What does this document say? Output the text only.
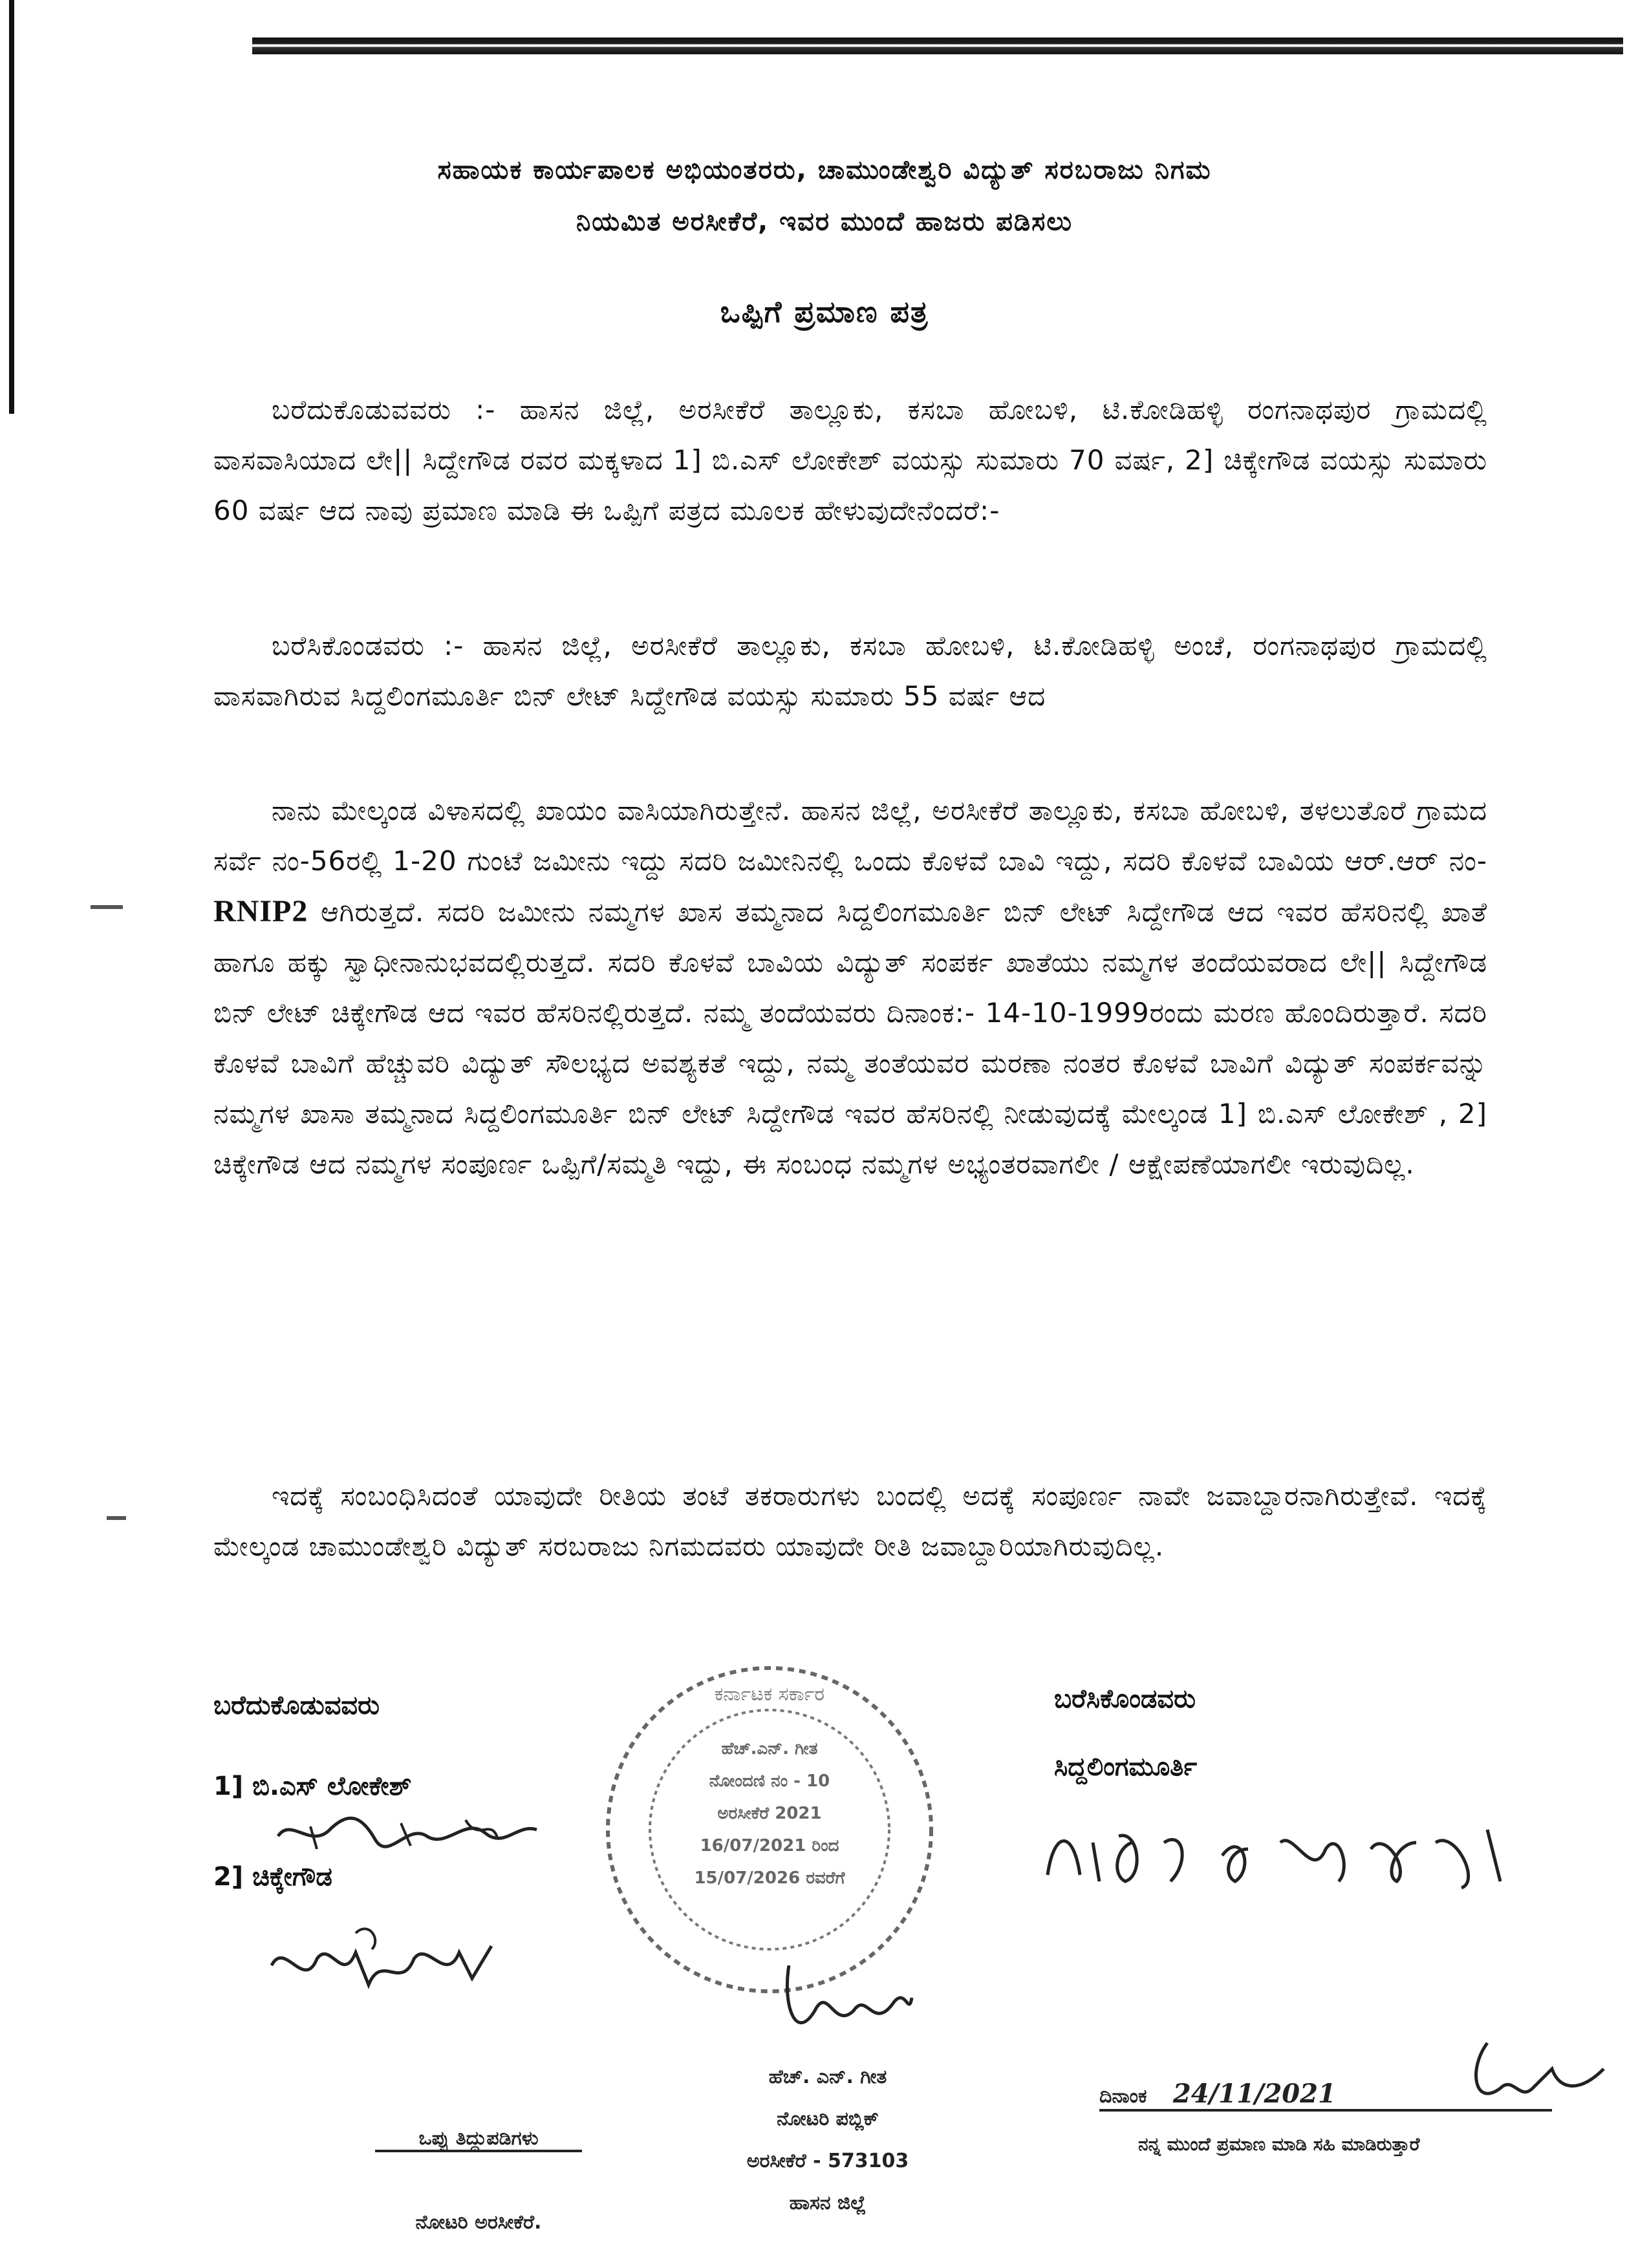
ಸಹಾಯಕ ಕಾರ್ಯಪಾಲಕ ಅಭಿಯಂತರರು, ಚಾಮುಂಡೇಶ್ವರಿ ವಿದ್ಯುತ್ ಸರಬರಾಜು ನಿಗಮ
ನಿಯಮಿತ ಅರಸೀಕೆರೆ, ಇವರ ಮುಂದೆ ಹಾಜರು ಪಡಿಸಲು
ಒಪ್ಪಿಗೆ ಪ್ರಮಾಣ ಪತ್ರ

ಬರೆದುಕೊಡುವವರು :- ಹಾಸನ ಜಿಲ್ಲೆ, ಅರಸೀಕೆರೆ ತಾಲ್ಲೂಕು, ಕಸಬಾ ಹೋಬಳಿ, ಟಿ.ಕೋಡಿಹಳ್ಳಿ ರಂಗನಾಥಪುರ ಗ್ರಾಮದಲ್ಲಿ ವಾಸವಾಸಿಯಾದ ಲೇ|| ಸಿದ್ದೇಗೌಡ ರವರ ಮಕ್ಕಳಾದ 1] ಬಿ.ಎಸ್ ಲೋಕೇಶ್ ವಯಸ್ಸು ಸುಮಾರು 70 ವರ್ಷ, 2] ಚಿಕ್ಕೇಗೌಡ ವಯಸ್ಸು ಸುಮಾರು 60 ವರ್ಷ ಆದ ನಾವು ಪ್ರಮಾಣ ಮಾಡಿ ಈ ಒಪ್ಪಿಗೆ ಪತ್ರದ ಮೂಲಕ ಹೇಳುವುದೇನೆಂದರೆ:-

ಬರೆಸಿಕೊಂಡವರು :- ಹಾಸನ ಜಿಲ್ಲೆ, ಅರಸೀಕೆರೆ ತಾಲ್ಲೂಕು, ಕಸಬಾ ಹೋಬಳಿ, ಟಿ.ಕೋಡಿಹಳ್ಳಿ ಅಂಚೆ, ರಂಗನಾಥಪುರ ಗ್ರಾಮದಲ್ಲಿ ವಾಸವಾಗಿರುವ ಸಿದ್ದಲಿಂಗಮೂರ್ತಿ ಬಿನ್ ಲೇಟ್ ಸಿದ್ದೇಗೌಡ ವಯಸ್ಸು ಸುಮಾರು 55 ವರ್ಷ ಆದ

ನಾನು ಮೇಲ್ಕಂಡ ವಿಳಾಸದಲ್ಲಿ ಖಾಯಂ ವಾಸಿಯಾಗಿರುತ್ತೇನೆ. ಹಾಸನ ಜಿಲ್ಲೆ, ಅರಸೀಕೆರೆ ತಾಲ್ಲೂಕು, ಕಸಬಾ ಹೋಬಳಿ, ತಳಲುತೊರೆ ಗ್ರಾಮದ ಸರ್ವೆ ನಂ-56ರಲ್ಲಿ 1-20 ಗುಂಟೆ ಜಮೀನು ಇದ್ದು ಸದರಿ ಜಮೀನಿನಲ್ಲಿ ಒಂದು ಕೊಳವೆ ಬಾವಿ ಇದ್ದು, ಸದರಿ ಕೊಳವೆ ಬಾವಿಯ ಆರ್.ಆರ್ ನಂ- RNIP2 ಆಗಿರುತ್ತದೆ. ಸದರಿ ಜಮೀನು ನಮ್ಮಗಳ ಖಾಸ ತಮ್ಮನಾದ ಸಿದ್ದಲಿಂಗಮೂರ್ತಿ ಬಿನ್ ಲೇಟ್ ಸಿದ್ದೇಗೌಡ ಆದ ಇವರ ಹೆಸರಿನಲ್ಲಿ ಖಾತೆ ಹಾಗೂ ಹಕ್ಕು ಸ್ವಾಧೀನಾನುಭವದಲ್ಲಿರುತ್ತದೆ. ಸದರಿ ಕೊಳವೆ ಬಾವಿಯ ವಿದ್ಯುತ್ ಸಂಪರ್ಕ ಖಾತೆಯು ನಮ್ಮಗಳ ತಂದೆಯವರಾದ ಲೇ|| ಸಿದ್ದೇಗೌಡ ಬಿನ್ ಲೇಟ್ ಚಿಕ್ಕೇಗೌಡ ಆದ ಇವರ ಹೆಸರಿನಲ್ಲಿರುತ್ತದೆ. ನಮ್ಮ ತಂದೆಯವರು ದಿನಾಂಕ:- 14-10-1999ರಂದು ಮರಣ ಹೊಂದಿರುತ್ತಾರೆ. ಸದರಿ ಕೊಳವೆ ಬಾವಿಗೆ ಹೆಚ್ಚುವರಿ ವಿದ್ಯುತ್ ಸೌಲಭ್ಯದ ಅವಶ್ಯಕತೆ ಇದ್ದು, ನಮ್ಮ ತಂತೆಯವರ ಮರಣಾ ನಂತರ ಕೊಳವೆ ಬಾವಿಗೆ ವಿದ್ಯುತ್ ಸಂಪರ್ಕವನ್ನು ನಮ್ಮಗಳ ಖಾಸಾ ತಮ್ಮನಾದ ಸಿದ್ದಲಿಂಗಮೂರ್ತಿ ಬಿನ್ ಲೇಟ್ ಸಿದ್ದೇಗೌಡ ಇವರ ಹೆಸರಿನಲ್ಲಿ ನೀಡುವುದಕ್ಕೆ ಮೇಲ್ಕಂಡ 1] ಬಿ.ಎಸ್ ಲೋಕೇಶ್ , 2] ಚಿಕ್ಕೇಗೌಡ ಆದ ನಮ್ಮಗಳ ಸಂಪೂರ್ಣ ಒಪ್ಪಿಗೆ/ಸಮ್ಮತಿ ಇದ್ದು, ಈ ಸಂಬಂಧ ನಮ್ಮಗಳ ಅಭ್ಯಂತರವಾಗಲೀ / ಆಕ್ಷೇಪಣೆಯಾಗಲೀ ಇರುವುದಿಲ್ಲ.

ಇದಕ್ಕೆ ಸಂಬಂಧಿಸಿದಂತೆ ಯಾವುದೇ ರೀತಿಯ ತಂಟೆ ತಕರಾರುಗಳು ಬಂದಲ್ಲಿ ಅದಕ್ಕೆ ಸಂಪೂರ್ಣ ನಾವೇ ಜವಾಬ್ದಾರನಾಗಿರುತ್ತೇವೆ. ಇದಕ್ಕೆ ಮೇಲ್ಕಂಡ ಚಾಮುಂಡೇಶ್ವರಿ ವಿದ್ಯುತ್ ಸರಬರಾಜು ನಿಗಮದವರು ಯಾವುದೇ ರೀತಿ ಜವಾಬ್ದಾರಿಯಾಗಿರುವುದಿಲ್ಲ.

ಬರೆದುಕೊಡುವವರು
1] ಬಿ.ಎಸ್ ಲೋಕೇಶ್
2] ಚಿಕ್ಕೇಗೌಡ
ಬರೆಸಿಕೊಂಡವರು
ಸಿದ್ದಲಿಂಗಮೂರ್ತಿ
ಕರ್ನಾಟಕ ಸರ್ಕಾರ
ಹೆಚ್.ಎನ್. ಗೀತ
ನೋಂದಣಿ ನಂ - 10
ಅರಸೀಕೆರೆ 2021
16/07/2021 ರಿಂದ
15/07/2026 ರವರೆಗೆ
ಒಪ್ಪು ತಿದ್ದುಪಡಿಗಳು
ನೋಟರಿ ಅರಸೀಕೆರೆ.
ಹೆಚ್. ಎನ್. ಗೀತ
ನೋಟರಿ ಪಬ್ಲಿಕ್
ಅರಸೀಕೆರೆ - 573103
ಹಾಸನ ಜಿಲ್ಲೆ
ದಿನಾಂಕ 24/11/2021
ನನ್ನ ಮುಂದೆ ಪ್ರಮಾಣ ಮಾಡಿ ಸಹಿ ಮಾಡಿರುತ್ತಾರೆ
